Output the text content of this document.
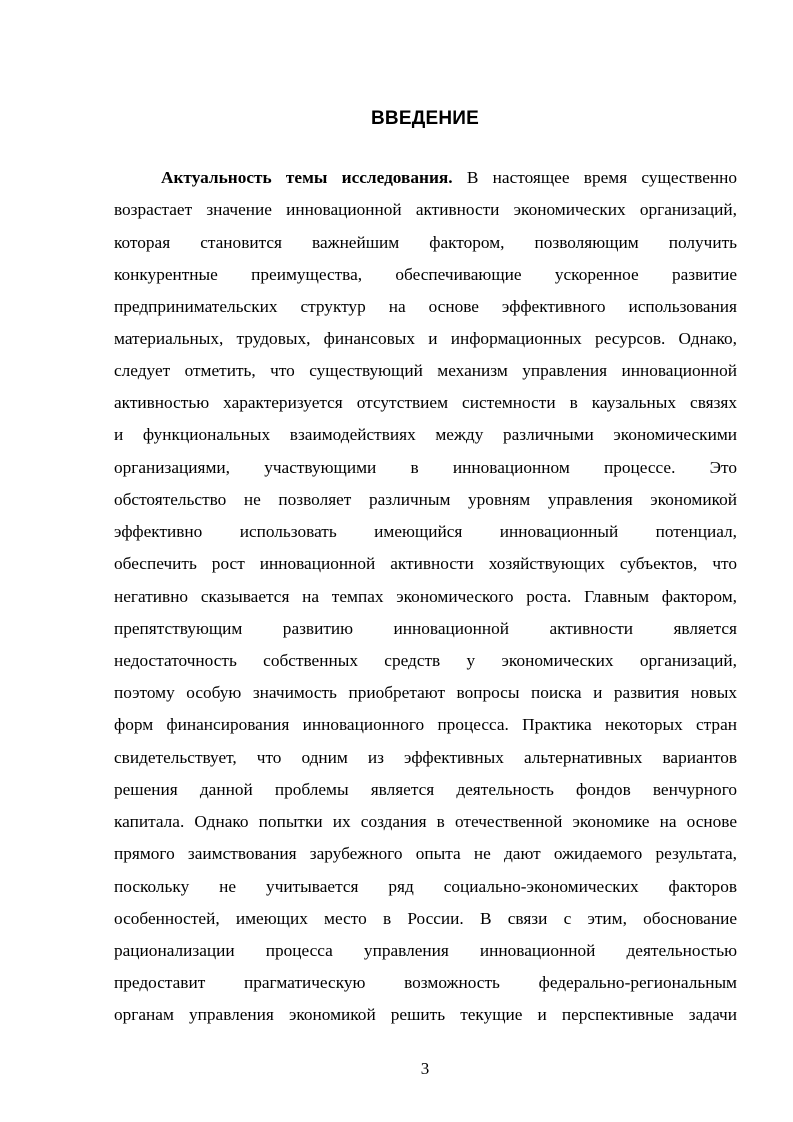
ВВЕДЕНИЕ
Актуальность темы исследования. В настоящее время существенно
возрастает значение инновационной активности экономических организаций,
которая становится важнейшим фактором, позволяющим получить
конкурентные преимущества, обеспечивающие ускоренное развитие
предпринимательских структур на основе эффективного использования
материальных, трудовых, финансовых и информационных ресурсов. Однако,
следует отметить, что существующий механизм управления инновационной
активностью характеризуется отсутствием системности в каузальных связях
и функциональных взаимодействиях между различными экономическими
организациями, участвующими в инновационном процессе. Это
обстоятельство не позволяет различным уровням управления экономикой
эффективно использовать имеющийся инновационный потенциал,
обеспечить рост инновационной активности хозяйствующих субъектов, что
негативно сказывается на темпах экономического роста. Главным фактором,
препятствующим развитию инновационной активности является
недостаточность собственных средств у экономических организаций,
поэтому особую значимость приобретают вопросы поиска и развития новых
форм финансирования инновационного процесса. Практика некоторых стран
свидетельствует, что одним из эффективных альтернативных вариантов
решения данной проблемы является деятельность фондов венчурного
капитала. Однако попытки их создания в отечественной экономике на основе
прямого заимствования зарубежного опыта не дают ожидаемого результата,
поскольку не учитывается ряд социально-экономических факторов
особенностей, имеющих место в России. В связи с этим, обоснование
рационализации процесса управления инновационной деятельностью
предоставит прагматическую возможность федерально-региональным
органам управления экономикой решить текущие и перспективные задачи
3
